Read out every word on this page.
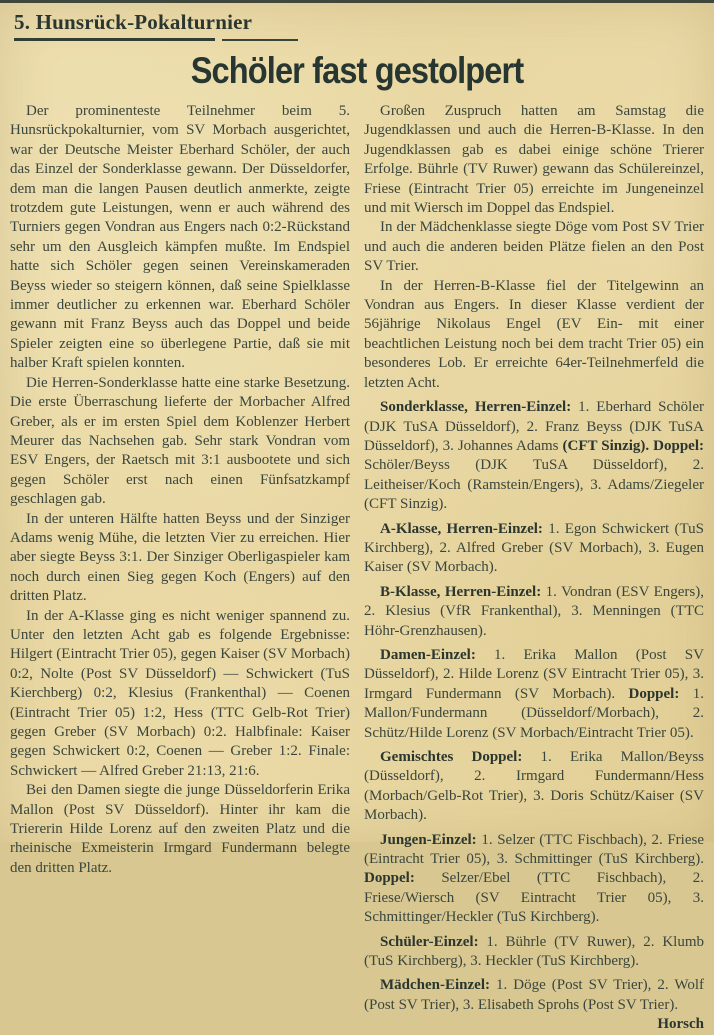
5. Hunsrück-Pokalturnier
Schöler fast gestolpert

Der prominenteste Teilnehmer beim 5. Hunsrückpokalturnier, vom SV Morbach ausgerichtet, war der Deutsche Meister Eberhard Schöler, der auch das Einzel der Sonderklasse gewann. Der Düsseldorfer, dem man die langen Pausen deutlich anmerkte, zeigte trotzdem gute Leistungen, wenn er auch während des Turniers gegen Vondran aus Engers nach 0:2-Rückstand sehr um den Ausgleich kämpfen mußte. Im Endspiel hatte sich Schöler gegen seinen Vereinskameraden Beyss wieder so steigern können, daß seine Spielklasse immer deutlicher zu erkennen war. Eberhard Schöler gewann mit Franz Beyss auch das Doppel und beide Spieler zeigten eine so überlegene Partie, daß sie mit halber Kraft spielen konnten.

Die Herren-Sonderklasse hatte eine starke Besetzung. Die erste Überraschung lieferte der Morbacher Alfred Greber, als er im ersten Spiel dem Koblenzer Herbert Meurer das Nachsehen gab. Sehr stark Vondran vom ESV Engers, der Raetsch mit 3:1 ausbootete und sich gegen Schöler erst nach einen Fünfsatzkampf geschlagen gab.

In der unteren Hälfte hatten Beyss und der Sinziger Adams wenig Mühe, die letzten Vier zu erreichen. Hier aber siegte Beyss 3:1. Der Sinziger Oberligaspieler kam noch durch einen Sieg gegen Koch (Engers) auf den dritten Platz.

In der A-Klasse ging es nicht weniger spannend zu. Unter den letzten Acht gab es folgende Ergebnisse: Hilgert (Eintracht Trier 05), gegen Kaiser (SV Morbach) 0:2, Nolte (Post SV Düsseldorf) — Schwickert (TuS Kierchberg) 0:2, Klesius (Frankenthal) — Coenen (Eintracht Trier 05) 1:2, Hess (TTC Gelb-Rot Trier) gegen Greber (SV Morbach) 0:2. Halbfinale: Kaiser gegen Schwickert 0:2, Coenen — Greber 1:2. Finale: Schwickert — Alfred Greber 21:13, 21:6.

Bei den Damen siegte die junge Düsseldorferin Erika Mallon (Post SV Düsseldorf). Hinter ihr kam die Triererin Hilde Lorenz auf den zweiten Platz und die rheinische Exmeisterin Irmgard Fundermann belegte den dritten Platz.

Großen Zuspruch hatten am Samstag die Jugendklassen und auch die Herren-B-Klasse. In den Jugendklassen gab es dabei einige schöne Trierer Erfolge. Bührle (TV Ruwer) gewann das Schülereinzel, Friese (Eintracht Trier 05) erreichte im Jungeneinzel und mit Wiersch im Doppel das Endspiel.

In der Mädchenklasse siegte Döge vom Post SV Trier und auch die anderen beiden Plätze fielen an den Post SV Trier.

In der Herren-B-Klasse fiel der Titelgewinn an Vondran aus Engers. In dieser Klasse verdient der 56jährige Nikolaus Engel (EV Ein- mit einer beachtlichen Leistung noch bei dem tracht Trier 05) ein besonderes Lob. Er erreichte 64er-Teilnehmerfeld die letzten Acht.

Sonderklasse, Herren-Einzel: 1. Eberhard Schöler (DJK TuSA Düsseldorf), 2. Franz Beyss (DJK TuSA Düsseldorf), 3. Johannes Adams (CFT Sinzig). Doppel: Schöler/Beyss (DJK TuSA Düsseldorf), 2. Leitheiser/Koch (Ramstein/Engers), 3. Adams/Ziegeler (CFT Sinzig).

A-Klasse, Herren-Einzel: 1. Egon Schwickert (TuS Kirchberg), 2. Alfred Greber (SV Morbach), 3. Eugen Kaiser (SV Morbach).

B-Klasse, Herren-Einzel: 1. Vondran (ESV Engers), 2. Klesius (VfR Frankenthal), 3. Menningen (TTC Höhr-Grenzhausen).

Damen-Einzel: 1. Erika Mallon (Post SV Düsseldorf), 2. Hilde Lorenz (SV Eintracht Trier 05), 3. Irmgard Fundermann (SV Morbach). Doppel: 1. Mallon/Fundermann (Düsseldorf/Morbach), 2. Schütz/Hilde Lorenz (SV Morbach/Eintracht Trier 05).

Gemischtes Doppel: 1. Erika Mallon/Beyss (Düsseldorf), 2. Irmgard Fundermann/Hess (Morbach/Gelb-Rot Trier), 3. Doris Schütz/Kaiser (SV Morbach).

Jungen-Einzel: 1. Selzer (TTC Fischbach), 2. Friese (Eintracht Trier 05), 3. Schmittinger (TuS Kirchberg). Doppel: Selzer/Ebel (TTC Fischbach), 2. Friese/Wiersch (SV Eintracht Trier 05), 3. Schmittinger/Heckler (TuS Kirchberg).

Schüler-Einzel: 1. Bührle (TV Ruwer), 2. Klumb (TuS Kirchberg), 3. Heckler (TuS Kirchberg).

Mädchen-Einzel: 1. Döge (Post SV Trier), 2. Wolf (Post SV Trier), 3. Elisabeth Sprohs (Post SV Trier).
Horsch
